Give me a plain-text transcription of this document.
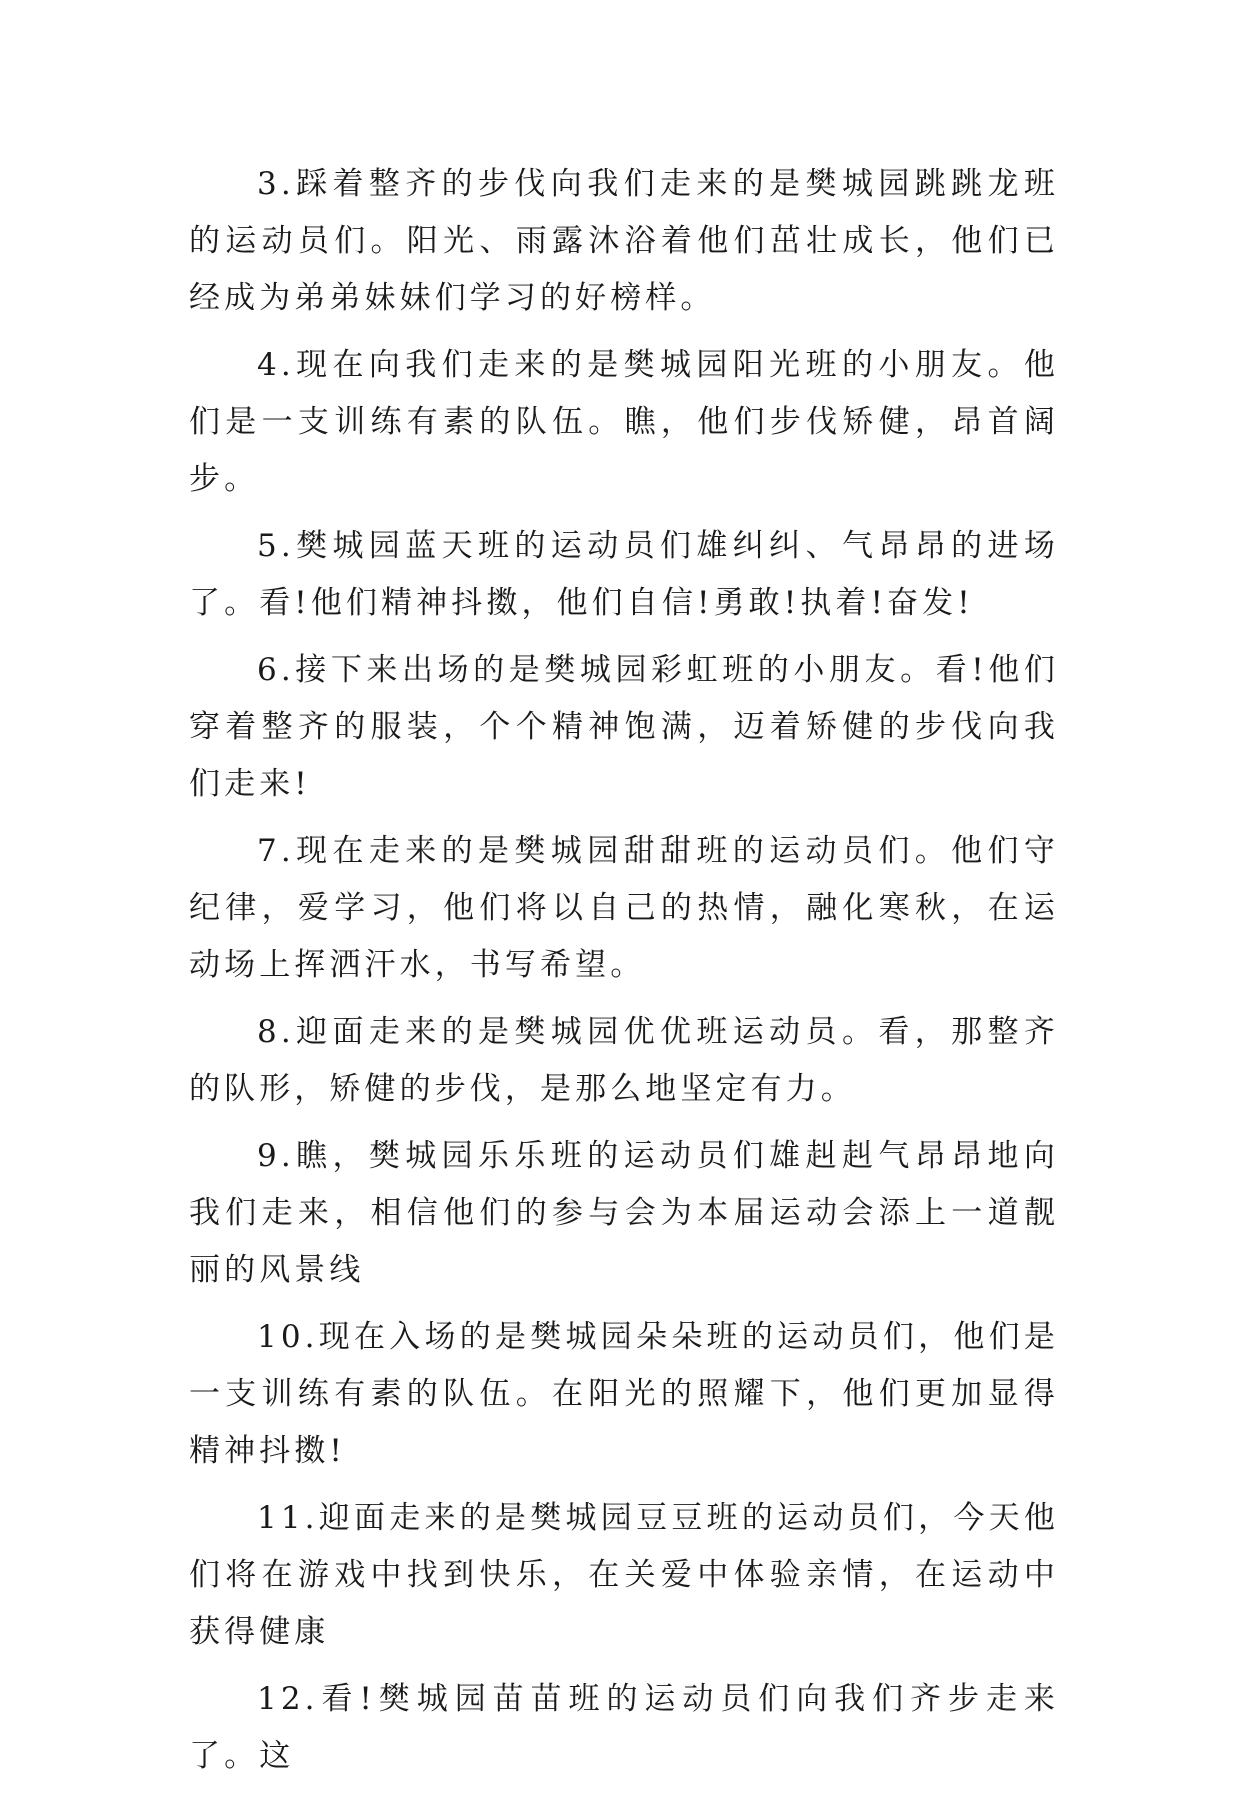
3.踩着整齐的步伐向我们走来的是樊城园跳跳龙班的运动员们。阳光、雨露沐浴着他们茁壮成长，他们已经成为弟弟妹妹们学习的好榜样。

4.现在向我们走来的是樊城园阳光班的小朋友。他们是一支训练有素的队伍。瞧，他们步伐矫健，昂首阔步。

5.樊城园蓝天班的运动员们雄纠纠、气昂昂的进场了。看!他们精神抖擞，他们自信!勇敢!执着!奋发!

6.接下来出场的是樊城园彩虹班的小朋友。看!他们穿着整齐的服装，个个精神饱满，迈着矫健的步伐向我们走来!

7.现在走来的是樊城园甜甜班的运动员们。他们守纪律，爱学习，他们将以自己的热情，融化寒秋，在运动场上挥洒汗水，书写希望。

8.迎面走来的是樊城园优优班运动员。看，那整齐的队形，矫健的步伐，是那么地坚定有力。

9.瞧，樊城园乐乐班的运动员们雄赳赳气昂昂地向我们走来，相信他们的参与会为本届运动会添上一道靓丽的风景线

10.现在入场的是樊城园朵朵班的运动员们，他们是一支训练有素的队伍。在阳光的照耀下，他们更加显得精神抖擞!

11.迎面走来的是樊城园豆豆班的运动员们，今天他们将在游戏中找到快乐，在关爱中体验亲情，在运动中获得健康

12.看!樊城园苗苗班的运动员们向我们齐步走来了。这
